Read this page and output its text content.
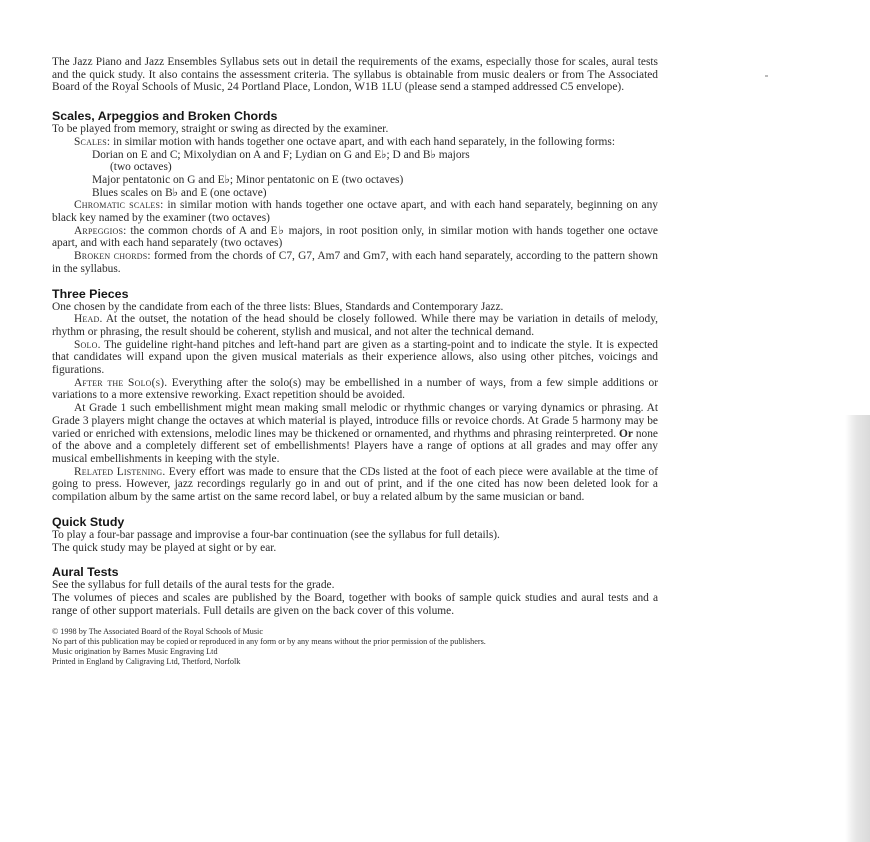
The Jazz Piano and Jazz Ensembles Syllabus sets out in detail the requirements of the exams, especially those for scales, aural tests and the quick study. It also contains the assessment criteria. The syllabus is obtainable from music dealers or from The Associated Board of the Royal Schools of Music, 24 Portland Place, London, W1B 1LU (please send a stamped addressed C5 envelope).

Scales, Arpeggios and Broken Chords

To be played from memory, straight or swing as directed by the examiner.

Scales: in similar motion with hands together one octave apart, and with each hand separately, in the following forms:

Dorian on E and C; Mixolydian on A and F; Lydian on G and E♭; D and B♭ majors
(two octaves)
Major pentatonic on G and E♭; Minor pentatonic on E (two octaves)
Blues scales on B♭ and E (one octave)

Chromatic scales: in similar motion with hands together one octave apart, and with each hand separately, beginning on any black key named by the examiner (two octaves)

Arpeggios: the common chords of A and E♭ majors, in root position only, in similar motion with hands together one octave apart, and with each hand separately (two octaves)

Broken chords: formed from the chords of C7, G7, Am7 and Gm7, with each hand separately, according to the pattern shown in the syllabus.

Three Pieces

One chosen by the candidate from each of the three lists: Blues, Standards and Contemporary Jazz.

Head. At the outset, the notation of the head should be closely followed. While there may be variation in details of melody, rhythm or phrasing, the result should be coherent, stylish and musical, and not alter the technical demand.

Solo. The guideline right-hand pitches and left-hand part are given as a starting-point and to indicate the style. It is expected that candidates will expand upon the given musical materials as their experience allows, also using other pitches, voicings and figurations.

After the Solo(s). Everything after the solo(s) may be embellished in a number of ways, from a few simple additions or variations to a more extensive reworking. Exact repetition should be avoided.

At Grade 1 such embellishment might mean making small melodic or rhythmic changes or varying dynamics or phrasing. At Grade 3 players might change the octaves at which material is played, introduce fills or revoice chords. At Grade 5 harmony may be varied or enriched with extensions, melodic lines may be thickened or ornamented, and rhythms and phrasing reinterpreted. Or none of the above and a completely different set of embellishments! Players have a range of options at all grades and may offer any musical embellishments in keeping with the style.

Related Listening. Every effort was made to ensure that the CDs listed at the foot of each piece were available at the time of going to press. However, jazz recordings regularly go in and out of print, and if the one cited has now been deleted look for a compilation album by the same artist on the same record label, or buy a related album by the same musician or band.

Quick Study

To play a four-bar passage and improvise a four-bar continuation (see the syllabus for full details).

The quick study may be played at sight or by ear.

Aural Tests

See the syllabus for full details of the aural tests for the grade.

The volumes of pieces and scales are published by the Board, together with books of sample quick studies and aural tests and a range of other support materials. Full details are given on the back cover of this volume.

© 1998 by The Associated Board of the Royal Schools of Music

No part of this publication may be copied or reproduced in any form or by any means without the prior permission of the publishers.

Music origination by Barnes Music Engraving Ltd

Printed in England by Caligraving Ltd, Thetford, Norfolk
